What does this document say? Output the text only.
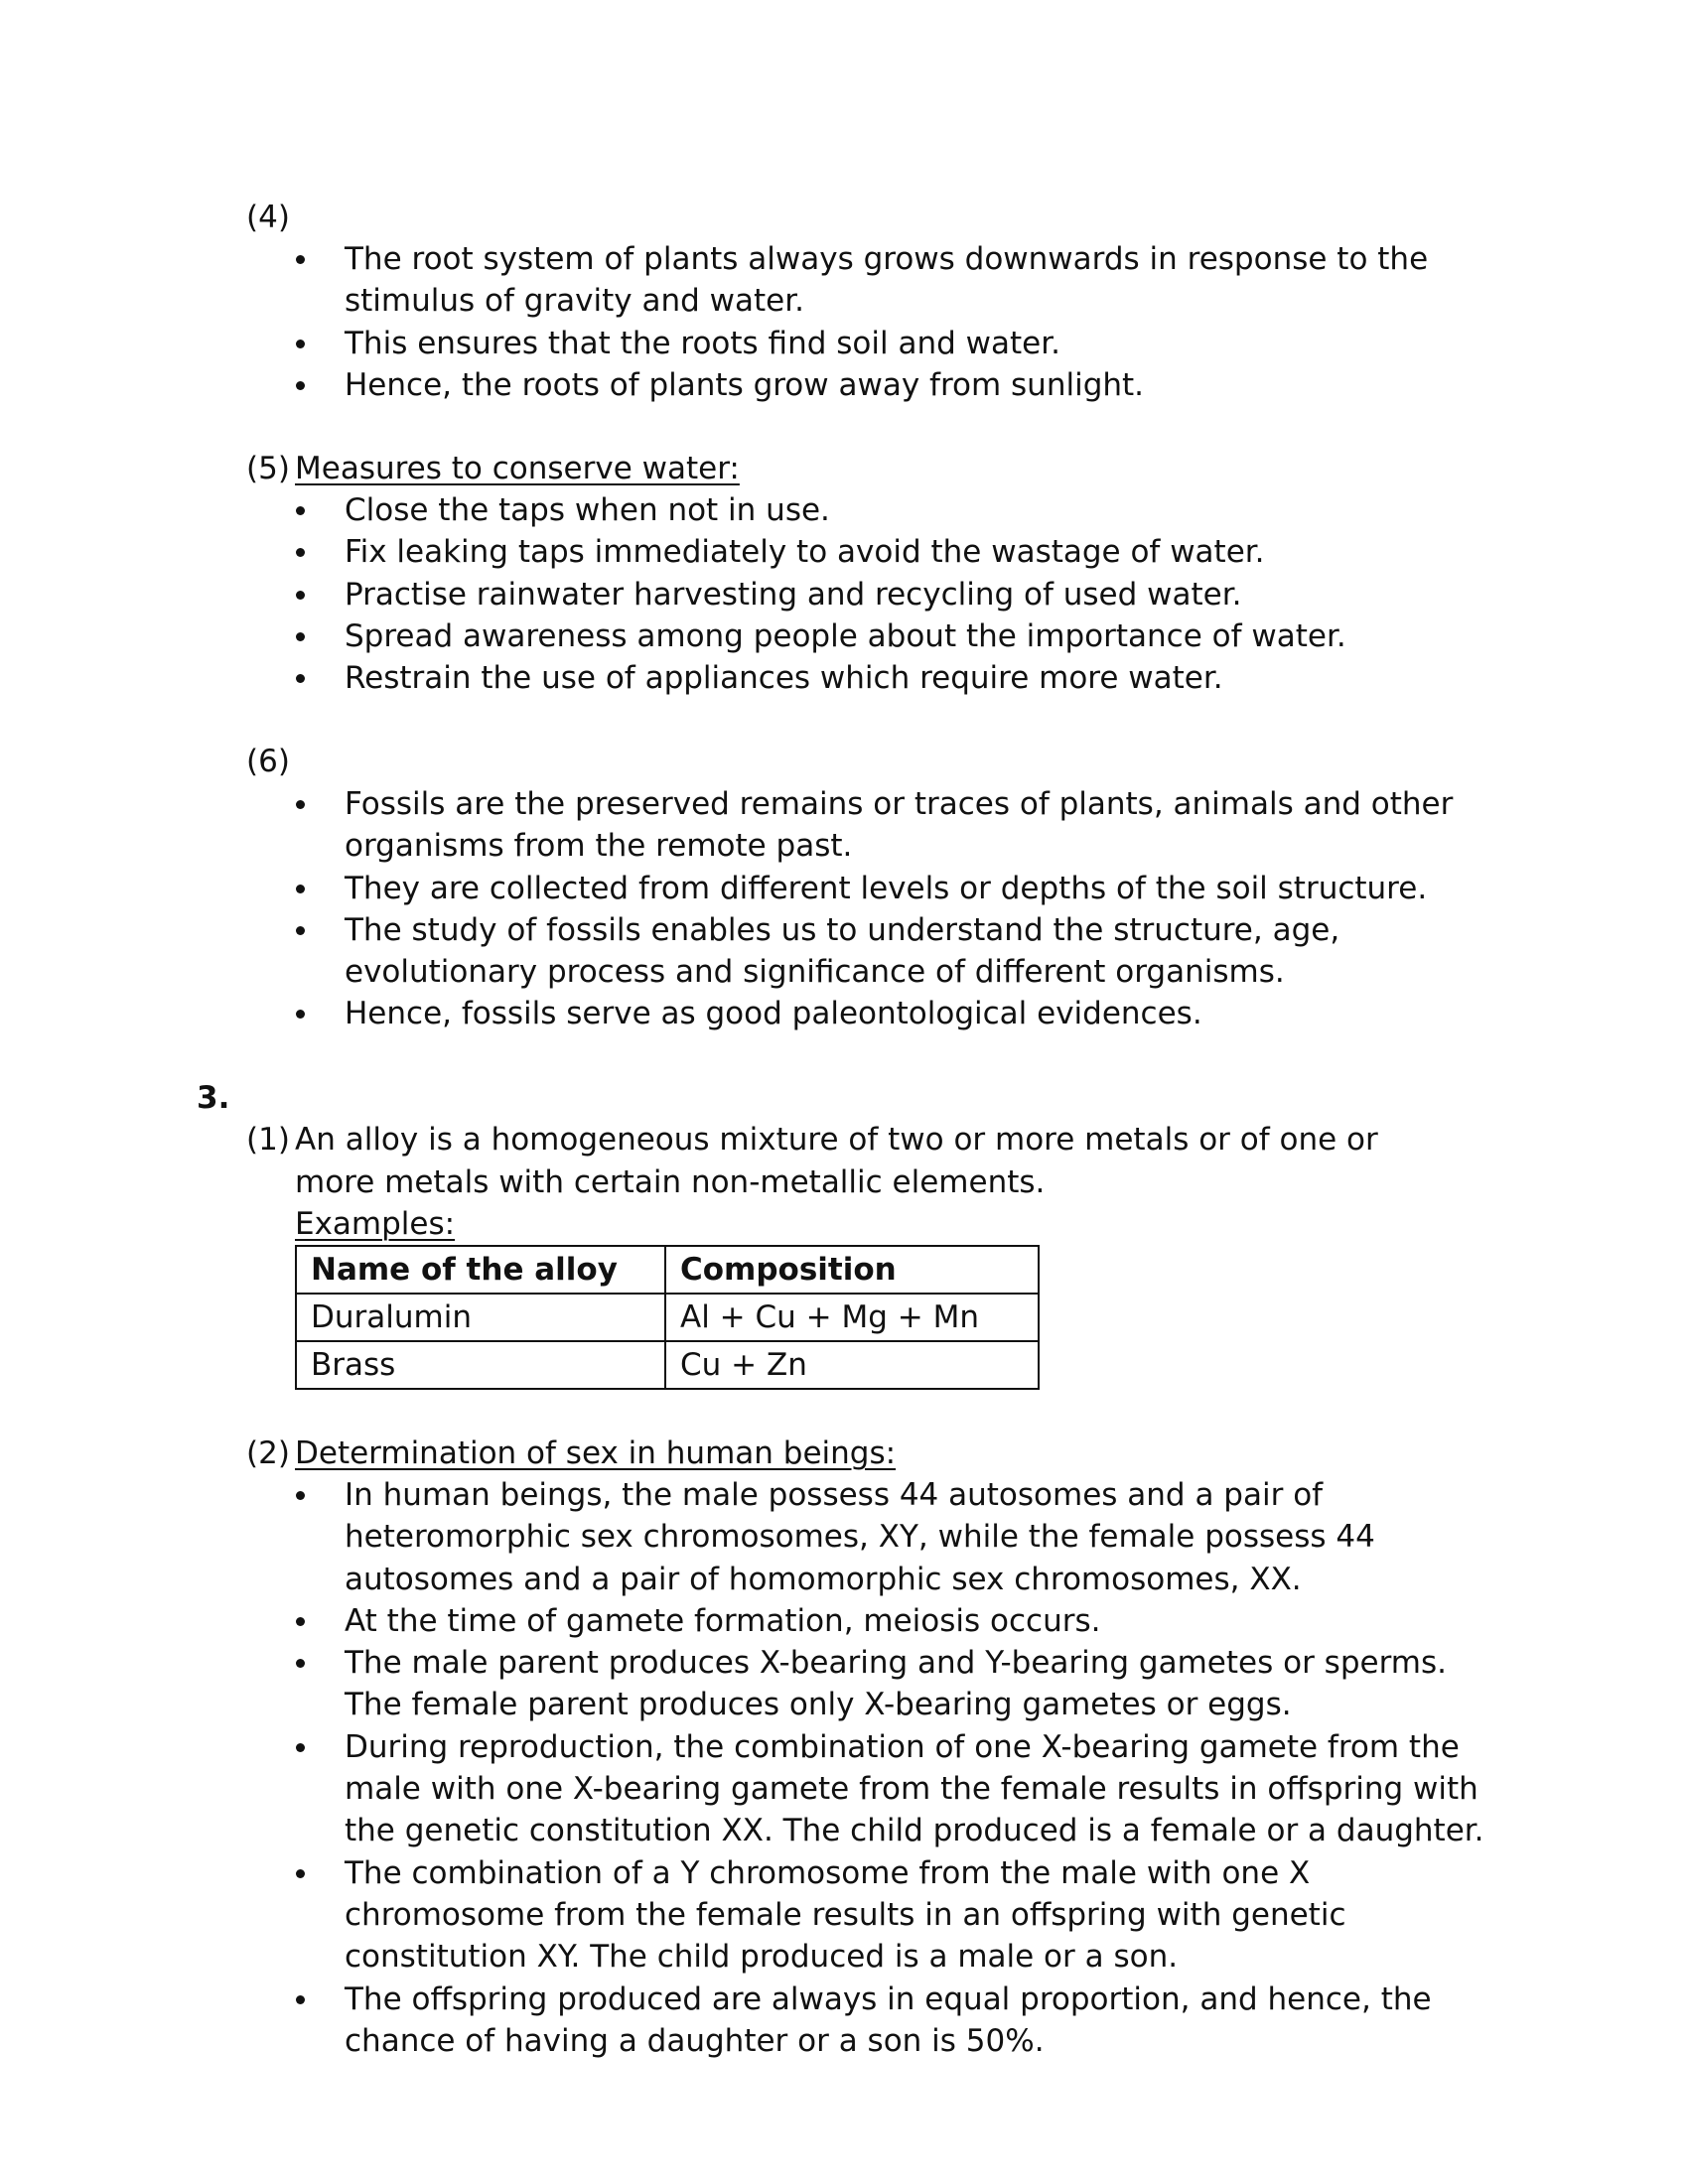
(4)
The root system of plants always grows downwards in response to the stimulus of gravity and water.
This ensures that the roots find soil and water.
Hence, the roots of plants grow away from sunlight.
(5) Measures to conserve water:
Close the taps when not in use.
Fix leaking taps immediately to avoid the wastage of water.
Practise rainwater harvesting and recycling of used water.
Spread awareness among people about the importance of water.
Restrain the use of appliances which require more water.
(6)
Fossils are the preserved remains or traces of plants, animals and other organisms from the remote past.
They are collected from different levels or depths of the soil structure.
The study of fossils enables us to understand the structure, age, evolutionary process and significance of different organisms.
Hence, fossils serve as good paleontological evidences.
3.
(1) An alloy is a homogeneous mixture of two or more metals or of one or more metals with certain non-metallic elements.
Examples:
Name of the alloy	Composition
Duralumin	Al + Cu + Mg + Mn
Brass	Cu + Zn
(2) Determination of sex in human beings:
In human beings, the male possess 44 autosomes and a pair of heteromorphic sex chromosomes, XY, while the female possess 44 autosomes and a pair of homomorphic sex chromosomes, XX.
At the time of gamete formation, meiosis occurs.
The male parent produces X-bearing and Y-bearing gametes or sperms. The female parent produces only X-bearing gametes or eggs.
During reproduction, the combination of one X-bearing gamete from the male with one X-bearing gamete from the female results in offspring with the genetic constitution XX. The child produced is a female or a daughter.
The combination of a Y chromosome from the male with one X chromosome from the female results in an offspring with genetic constitution XY. The child produced is a male or a son.
The offspring produced are always in equal proportion, and hence, the chance of having a daughter or a son is 50%.
